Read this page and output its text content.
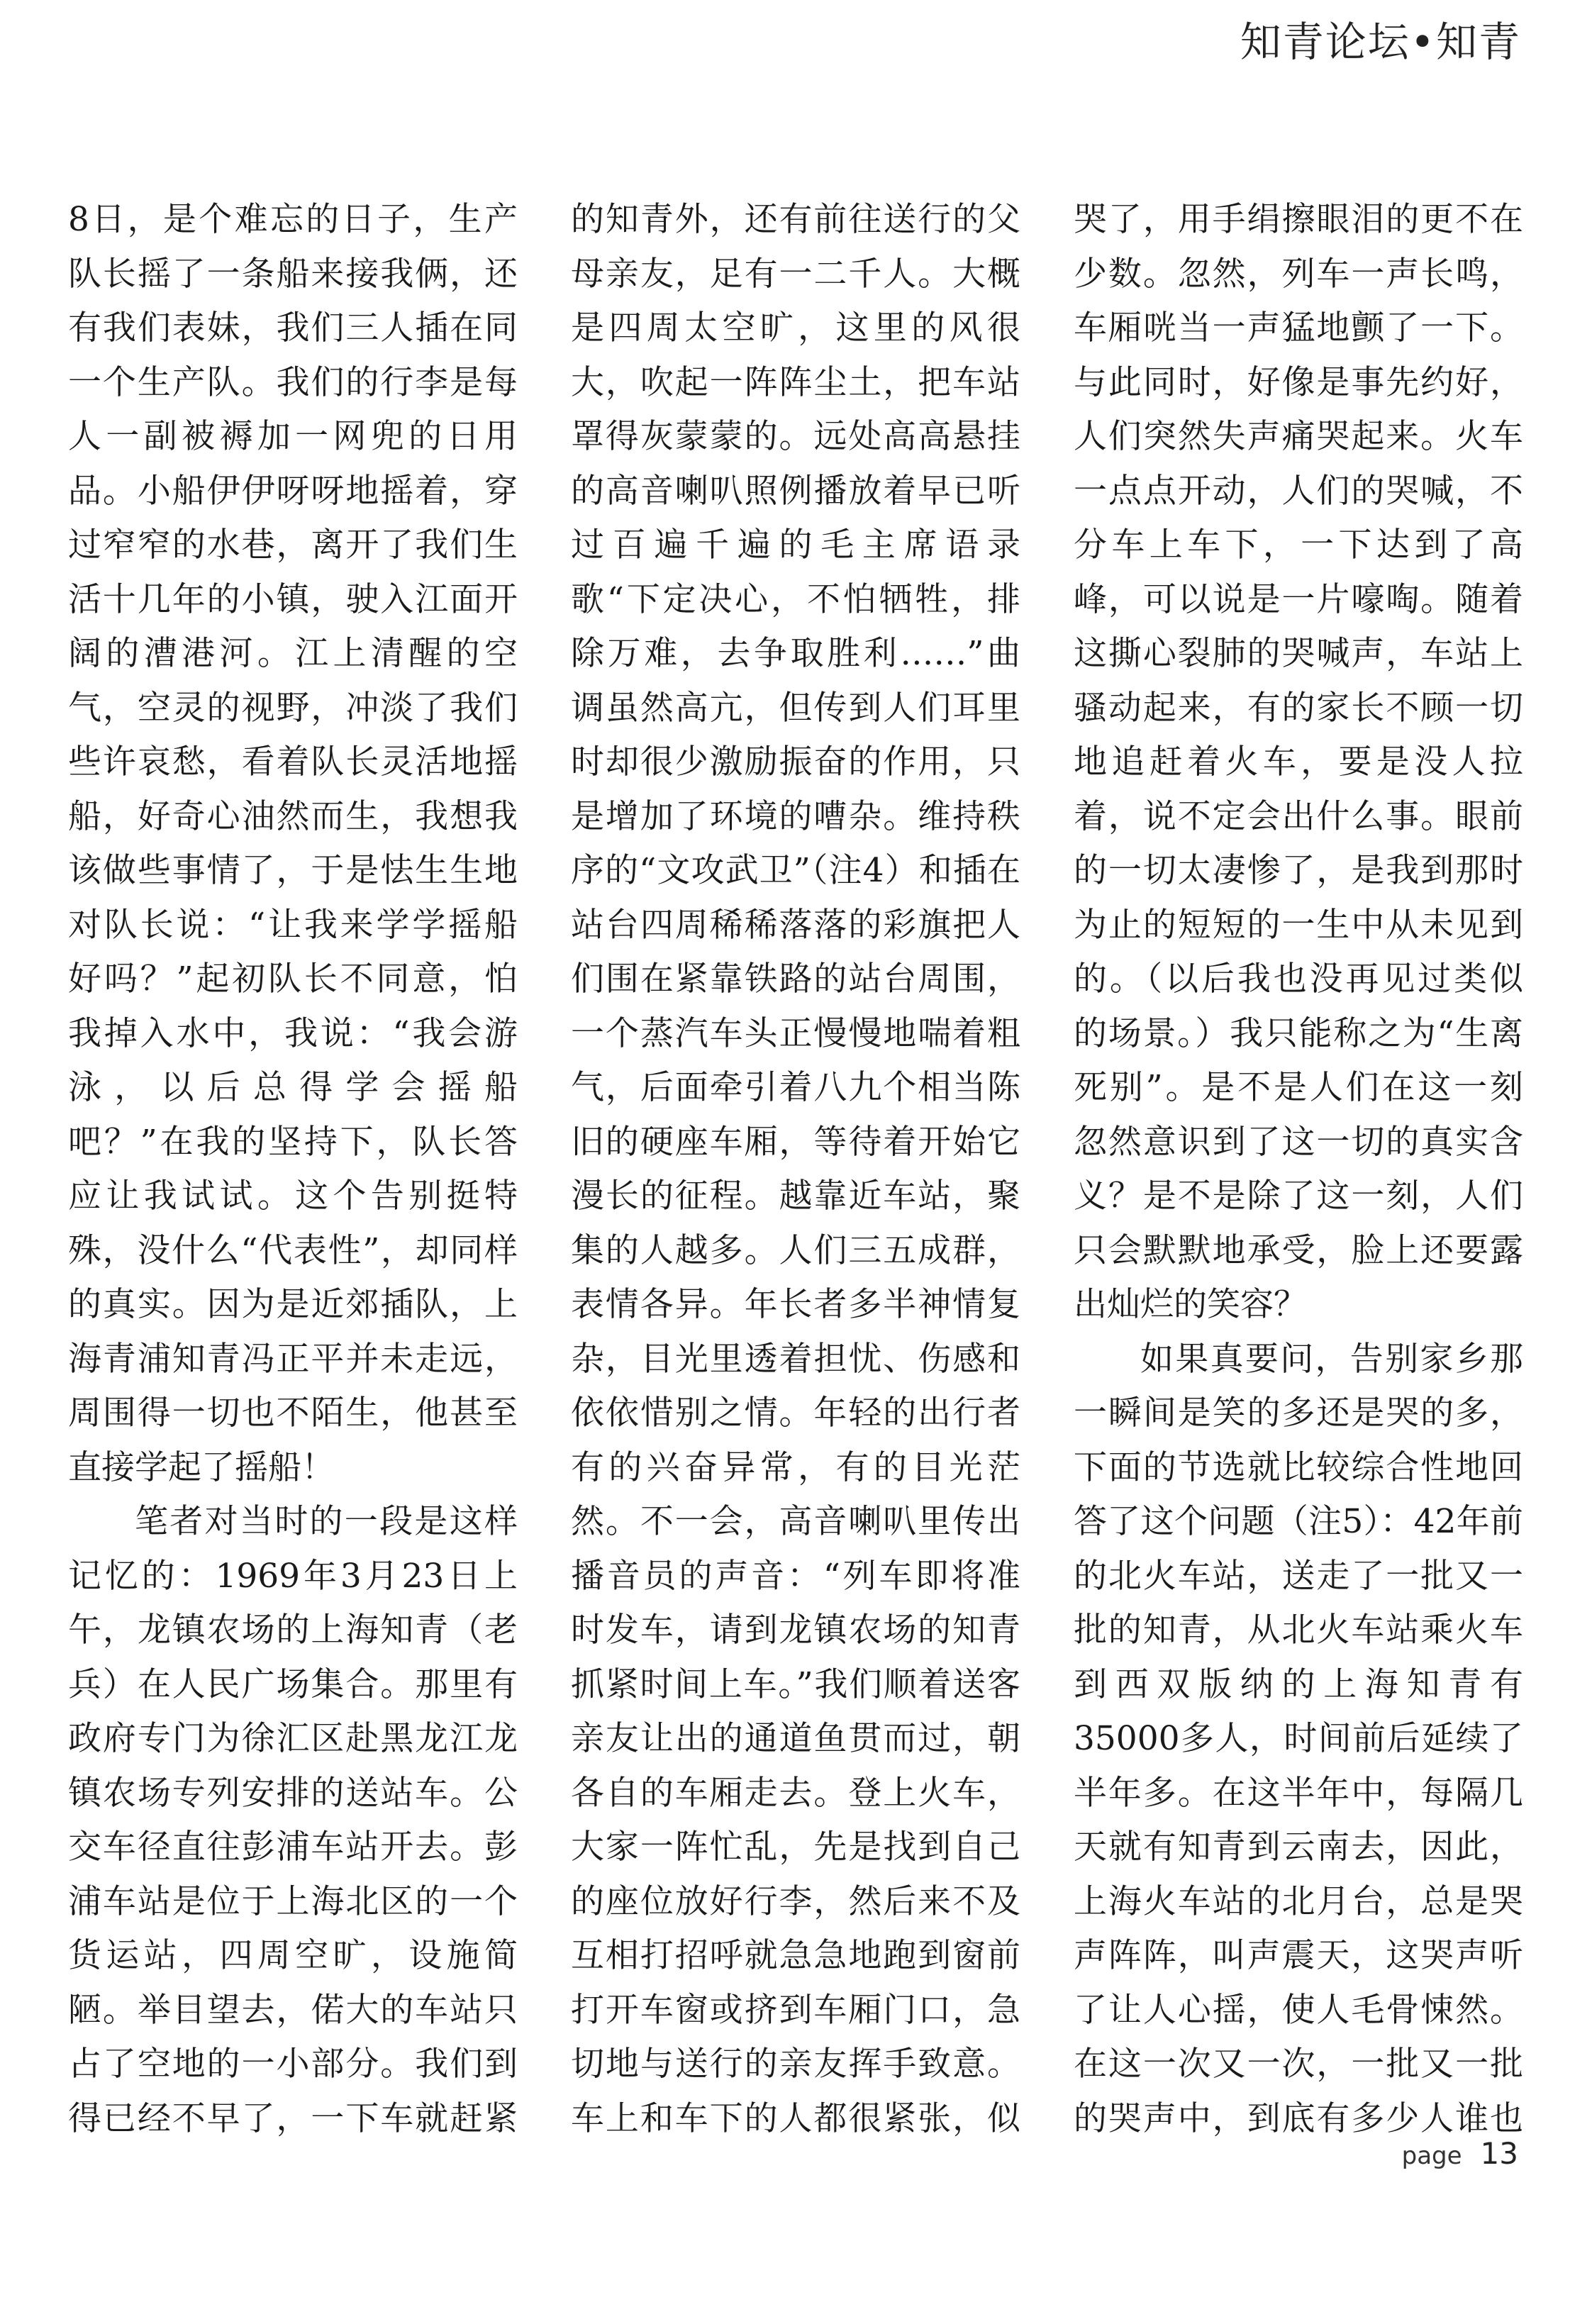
知青论坛•知青

8日，是个难忘的日子，生产队长摇了一条船来接我俩，还有我们表妹，我们三人插在同一个生产队。我们的行李是每人一副被褥加一网兜的日用品。小船伊伊呀呀地摇着，穿过窄窄的水巷，离开了我们生活十几年的小镇，驶入江面开阔的漕港河。江上清醒的空气，空灵的视野，冲淡了我们些许哀愁，看着队长灵活地摇船，好奇心油然而生，我想我该做些事情了，于是怯生生地对队长说：“让我来学学摇船好吗？”起初队长不同意，怕我掉入水中，我说：“我会游泳，以后总得学会摇船吧？”在我的坚持下，队长答应让我试试。这个告别挺特殊，没什么“代表性”，却同样的真实。因为是近郊插队，上海青浦知青冯正平并未走远，周围得一切也不陌生，他甚至直接学起了摇船！

笔者对当时的一段是这样记忆的：1969年3月23日上午，龙镇农场的上海知青（老兵）在人民广场集合。那里有政府专门为徐汇区赴黑龙江龙镇农场专列安排的送站车。公交车径直往彭浦车站开去。彭浦车站是位于上海北区的一个货运站，四周空旷，设施简陋。举目望去，偌大的车站只占了空地的一小部分。我们到得已经不早了，一下车就赶紧

的知青外，还有前往送行的父母亲友，足有一二千人。大概是四周太空旷，这里的风很大，吹起一阵阵尘土，把车站罩得灰蒙蒙的。远处高高悬挂的高音喇叭照例播放着早已听过百遍千遍的毛主席语录歌“下定决心，不怕牺牲，排除万难，去争取胜利……”曲调虽然高亢，但传到人们耳里时却很少激励振奋的作用，只是增加了环境的嘈杂。维持秩序的“文攻武卫”（注4）和插在站台四周稀稀落落的彩旗把人们围在紧靠铁路的站台周围，一个蒸汽车头正慢慢地喘着粗气，后面牵引着八九个相当陈旧的硬座车厢，等待着开始它漫长的征程。越靠近车站，聚集的人越多。人们三五成群，表情各异。年长者多半神情复杂，目光里透着担忧、伤感和依依惜别之情。年轻的出行者有的兴奋异常，有的目光茫然。不一会，高音喇叭里传出播音员的声音：“列车即将准时发车，请到龙镇农场的知青抓紧时间上车。”我们顺着送客亲友让出的通道鱼贯而过，朝各自的车厢走去。登上火车，大家一阵忙乱，先是找到自己的座位放好行李，然后来不及互相打招呼就急急地跑到窗前打开车窗或挤到车厢门口，急切地与送行的亲友挥手致意。车上和车下的人都很紧张，似

哭了，用手绢擦眼泪的更不在少数。忽然，列车一声长鸣，车厢咣当一声猛地颤了一下。与此同时，好像是事先约好，人们突然失声痛哭起来。火车一点点开动，人们的哭喊，不分车上车下，一下达到了高峰，可以说是一片嚎啕。随着这撕心裂肺的哭喊声，车站上骚动起来，有的家长不顾一切地追赶着火车，要是没人拉着，说不定会出什么事。眼前的一切太凄惨了，是我到那时为止的短短的一生中从未见到的。（以后我也没再见过类似的场景。）我只能称之为“生离死别”。是不是人们在这一刻忽然意识到了这一切的真实含义？是不是除了这一刻，人们只会默默地承受，脸上还要露出灿烂的笑容？

如果真要问，告别家乡那一瞬间是笑的多还是哭的多，下面的节选就比较综合性地回答了这个问题（注5）：42年前的北火车站，送走了一批又一批的知青，从北火车站乘火车到西双版纳的上海知青有35000多人，时间前后延续了半年多。在这半年中，每隔几天就有知青到云南去，因此，上海火车站的北月台，总是哭声阵阵，叫声震天，这哭声听了让人心揺，使人毛骨悚然。在这一次又一次，一批又一批的哭声中，到底有多少人谁也

page 13
